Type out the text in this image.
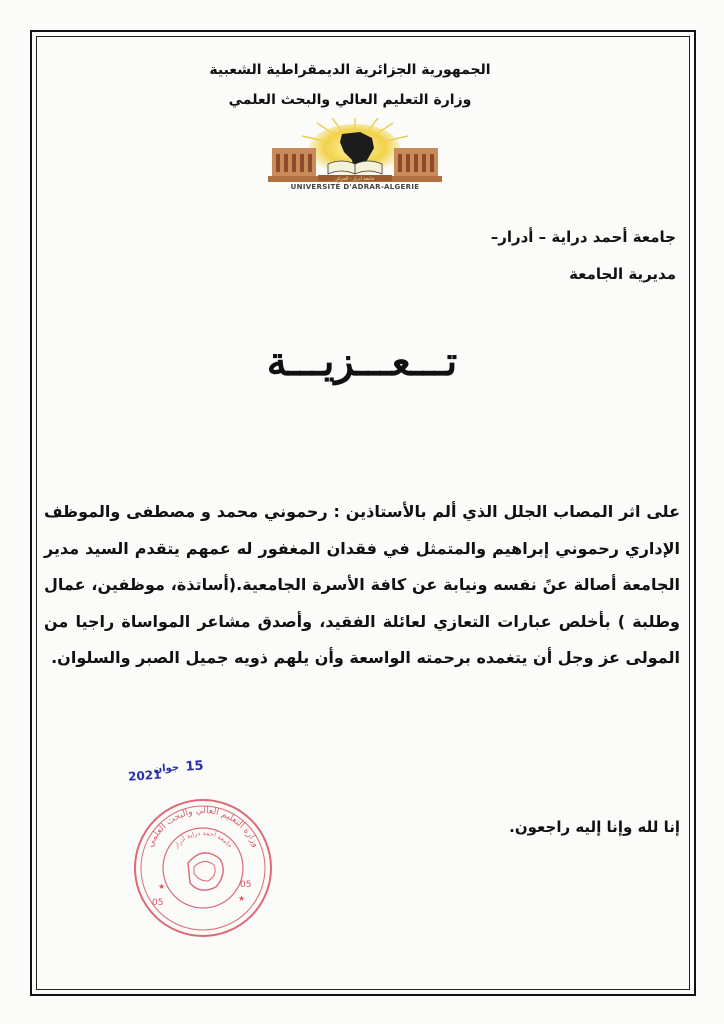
الجمهورية الجزائرية الديمقراطية الشعبية
وزارة التعليم العالي والبحث العلمي
جامعة أدرار - الجزائر
UNIVERSITÉ D'ADRAR-ALGERIE
جامعة أحمد دراية – أدرار–
مديرية الجامعة
تـــعـــزيـــة

على اثر المصاب الجلل الذي ألم بالأستاذين : رحموني محمد و مصطفى والموظف الإداري رحموني إبراهيم والمتمثل في فقدان المغفور له عمهم يتقدم السيد مدير الجامعة أصالة عنً نفسه ونيابة عن كافة الأسرة الجامعية.(أساتذة، موظفين، عمال وطلبة ) بأخلص عبارات التعازي لعائلة الفقيد، وأصدق مشاعر المواساة راجيا من المولى عز وجل أن يتغمده برحمته الواسعة وأن يلهم ذويه جميل الصبر والسلوان.

15
جوان
2021
إنا لله وإنا إليه راجعون.
وزارة التعليم العالي والبحث العلمي
جامعة أحمد دراية أدرار
05
05
★
★
